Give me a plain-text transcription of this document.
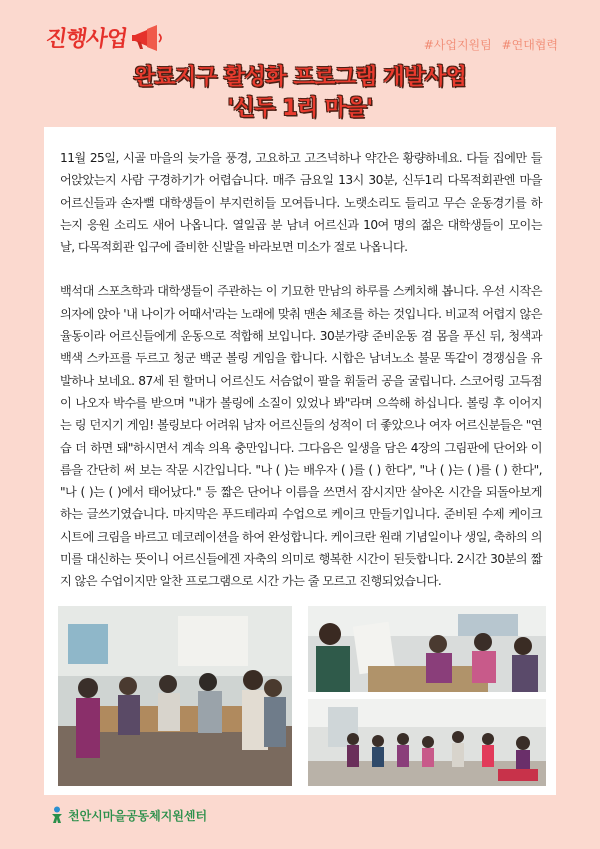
진행사업	#사업지원팀 #연대협력
완료지구 활성화 프로그램 개발사업
'신두 1리 마을'

11월 25일, 시골 마을의 늦가을 풍경, 고요하고 고즈넉하나 약간은 황량하네요. 다들 집에만 들어앉았는지 사람 구경하기가 어렵습니다. 매주 금요일 13시 30분, 신두1리 다목적회관엔 마을 어르신들과 손자뻘 대학생들이 부지런히들 모여듭니다. 노랫소리도 들리고 무슨 운동경기를 하는지 응원 소리도 새어 나옵니다. 열일곱 분 남녀 어르신과 10여 명의 젊은 대학생들이 모이는 날, 다목적회관 입구에 즐비한 신발을 바라보면 미소가 절로 나옵니다.

백석대 스포츠학과 대학생들이 주관하는 이 기묘한 만남의 하루를 스케치해 봅니다. 우선 시작은 의자에 앉아 '내 나이가 어때서'라는 노래에 맞춰 맨손 체조를 하는 것입니다. 비교적 어렵지 않은 율동이라 어르신들에게 운동으로 적합해 보입니다. 30분가량 준비운동 겸 몸을 푸신 뒤, 청색과 백색 스카프를 두르고 청군 백군 볼링 게임을 합니다. 시합은 남녀노소 불문 똑같이 경쟁심을 유발하나 보네요. 87세 된 할머니 어르신도 서슴없이 팔을 휘둘러 공을 굴립니다. 스코어링 고득점이 나오자 박수를 받으며 "내가 볼링에 소질이 있었나 봐"라며 으쓱해 하십니다. 볼링 후 이어지는 링 던지기 게임! 볼링보다 어려워 남자 어르신들의 성적이 더 좋았으나 여자 어르신분들은 "연습 더 하면 돼"하시면서 계속 의욕 충만입니다. 그다음은 일생을 담은 4장의 그림판에 단어와 이름을 간단히 써 보는 작문 시간입니다. "나 ( )는 배우자 ( )를 ( ) 한다", "나 ( )는 ( )를 ( ) 한다", "나 ( )는 ( )에서 태어났다." 등 짧은 단어나 이름을 쓰면서 잠시지만 살아온 시간을 되돌아보게 하는 글쓰기였습니다. 마지막은 푸드테라피 수업으로 케이크 만들기입니다. 준비된 수제 케이크 시트에 크림을 바르고 데코레이션을 하여 완성합니다. 케이크란 원래 기념일이나 생일, 축하의 의미를 대신하는 뜻이니 어르신들에겐 자축의 의미로 행복한 시간이 된듯합니다. 2시간 30분의 짧지 않은 수업이지만 알찬 프로그램으로 시간 가는 줄 모르고 진행되었습니다.

천안시마을공동체지원센터
